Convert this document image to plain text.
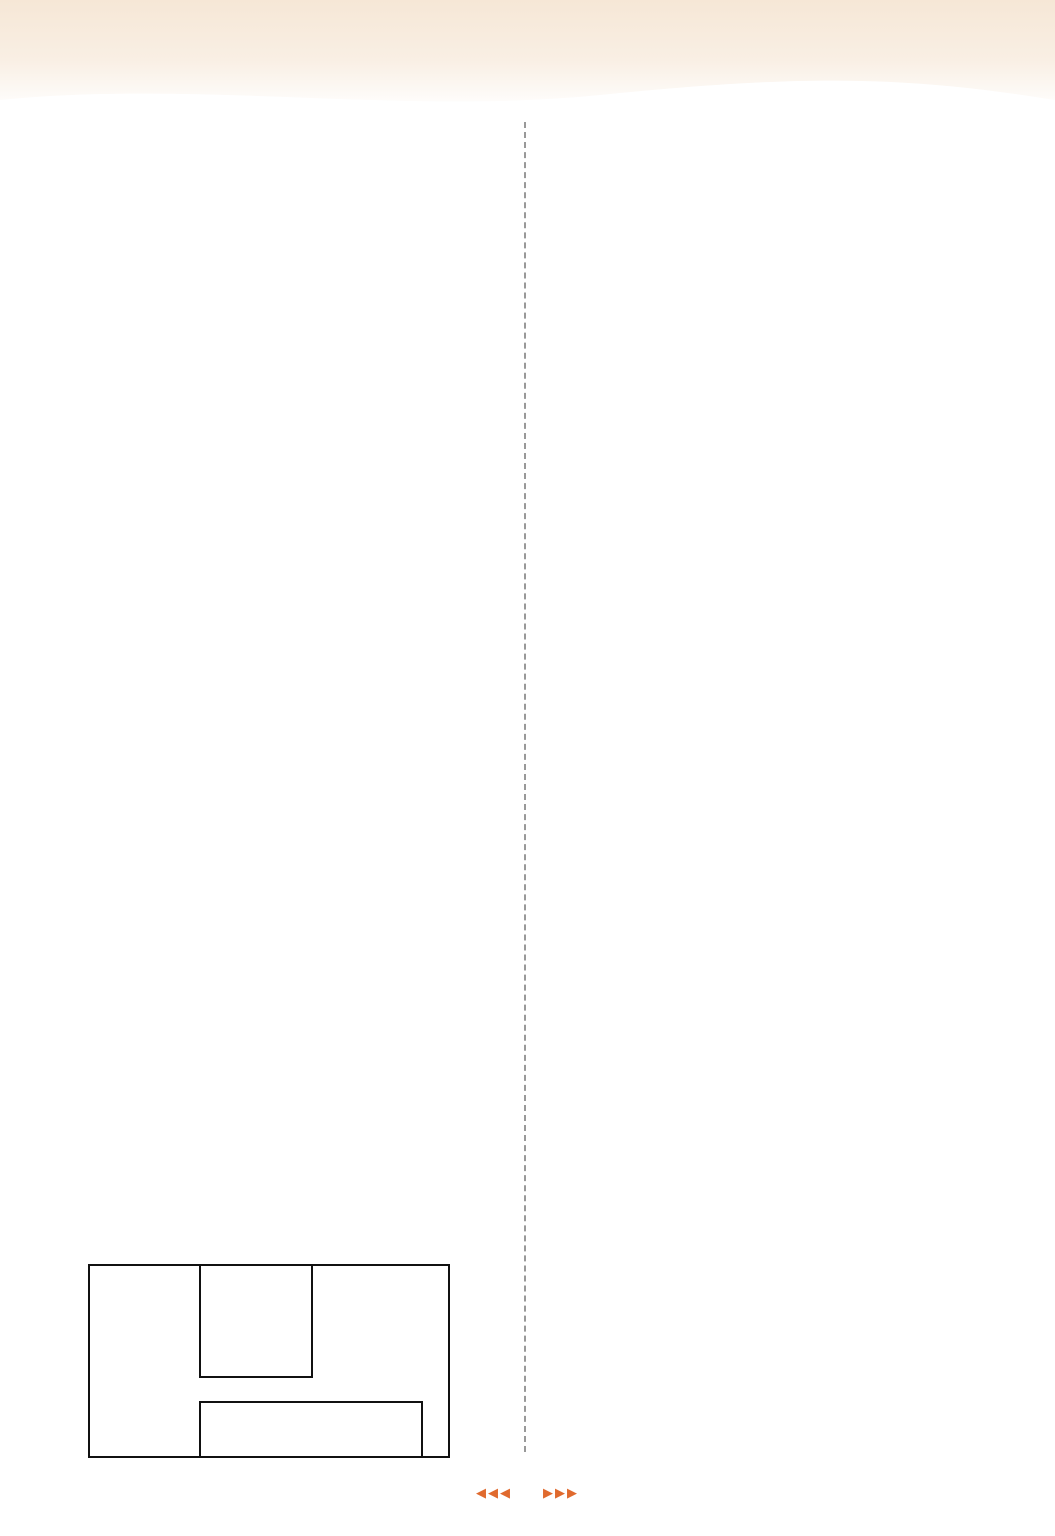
◀◀◀ ▶▶▶
